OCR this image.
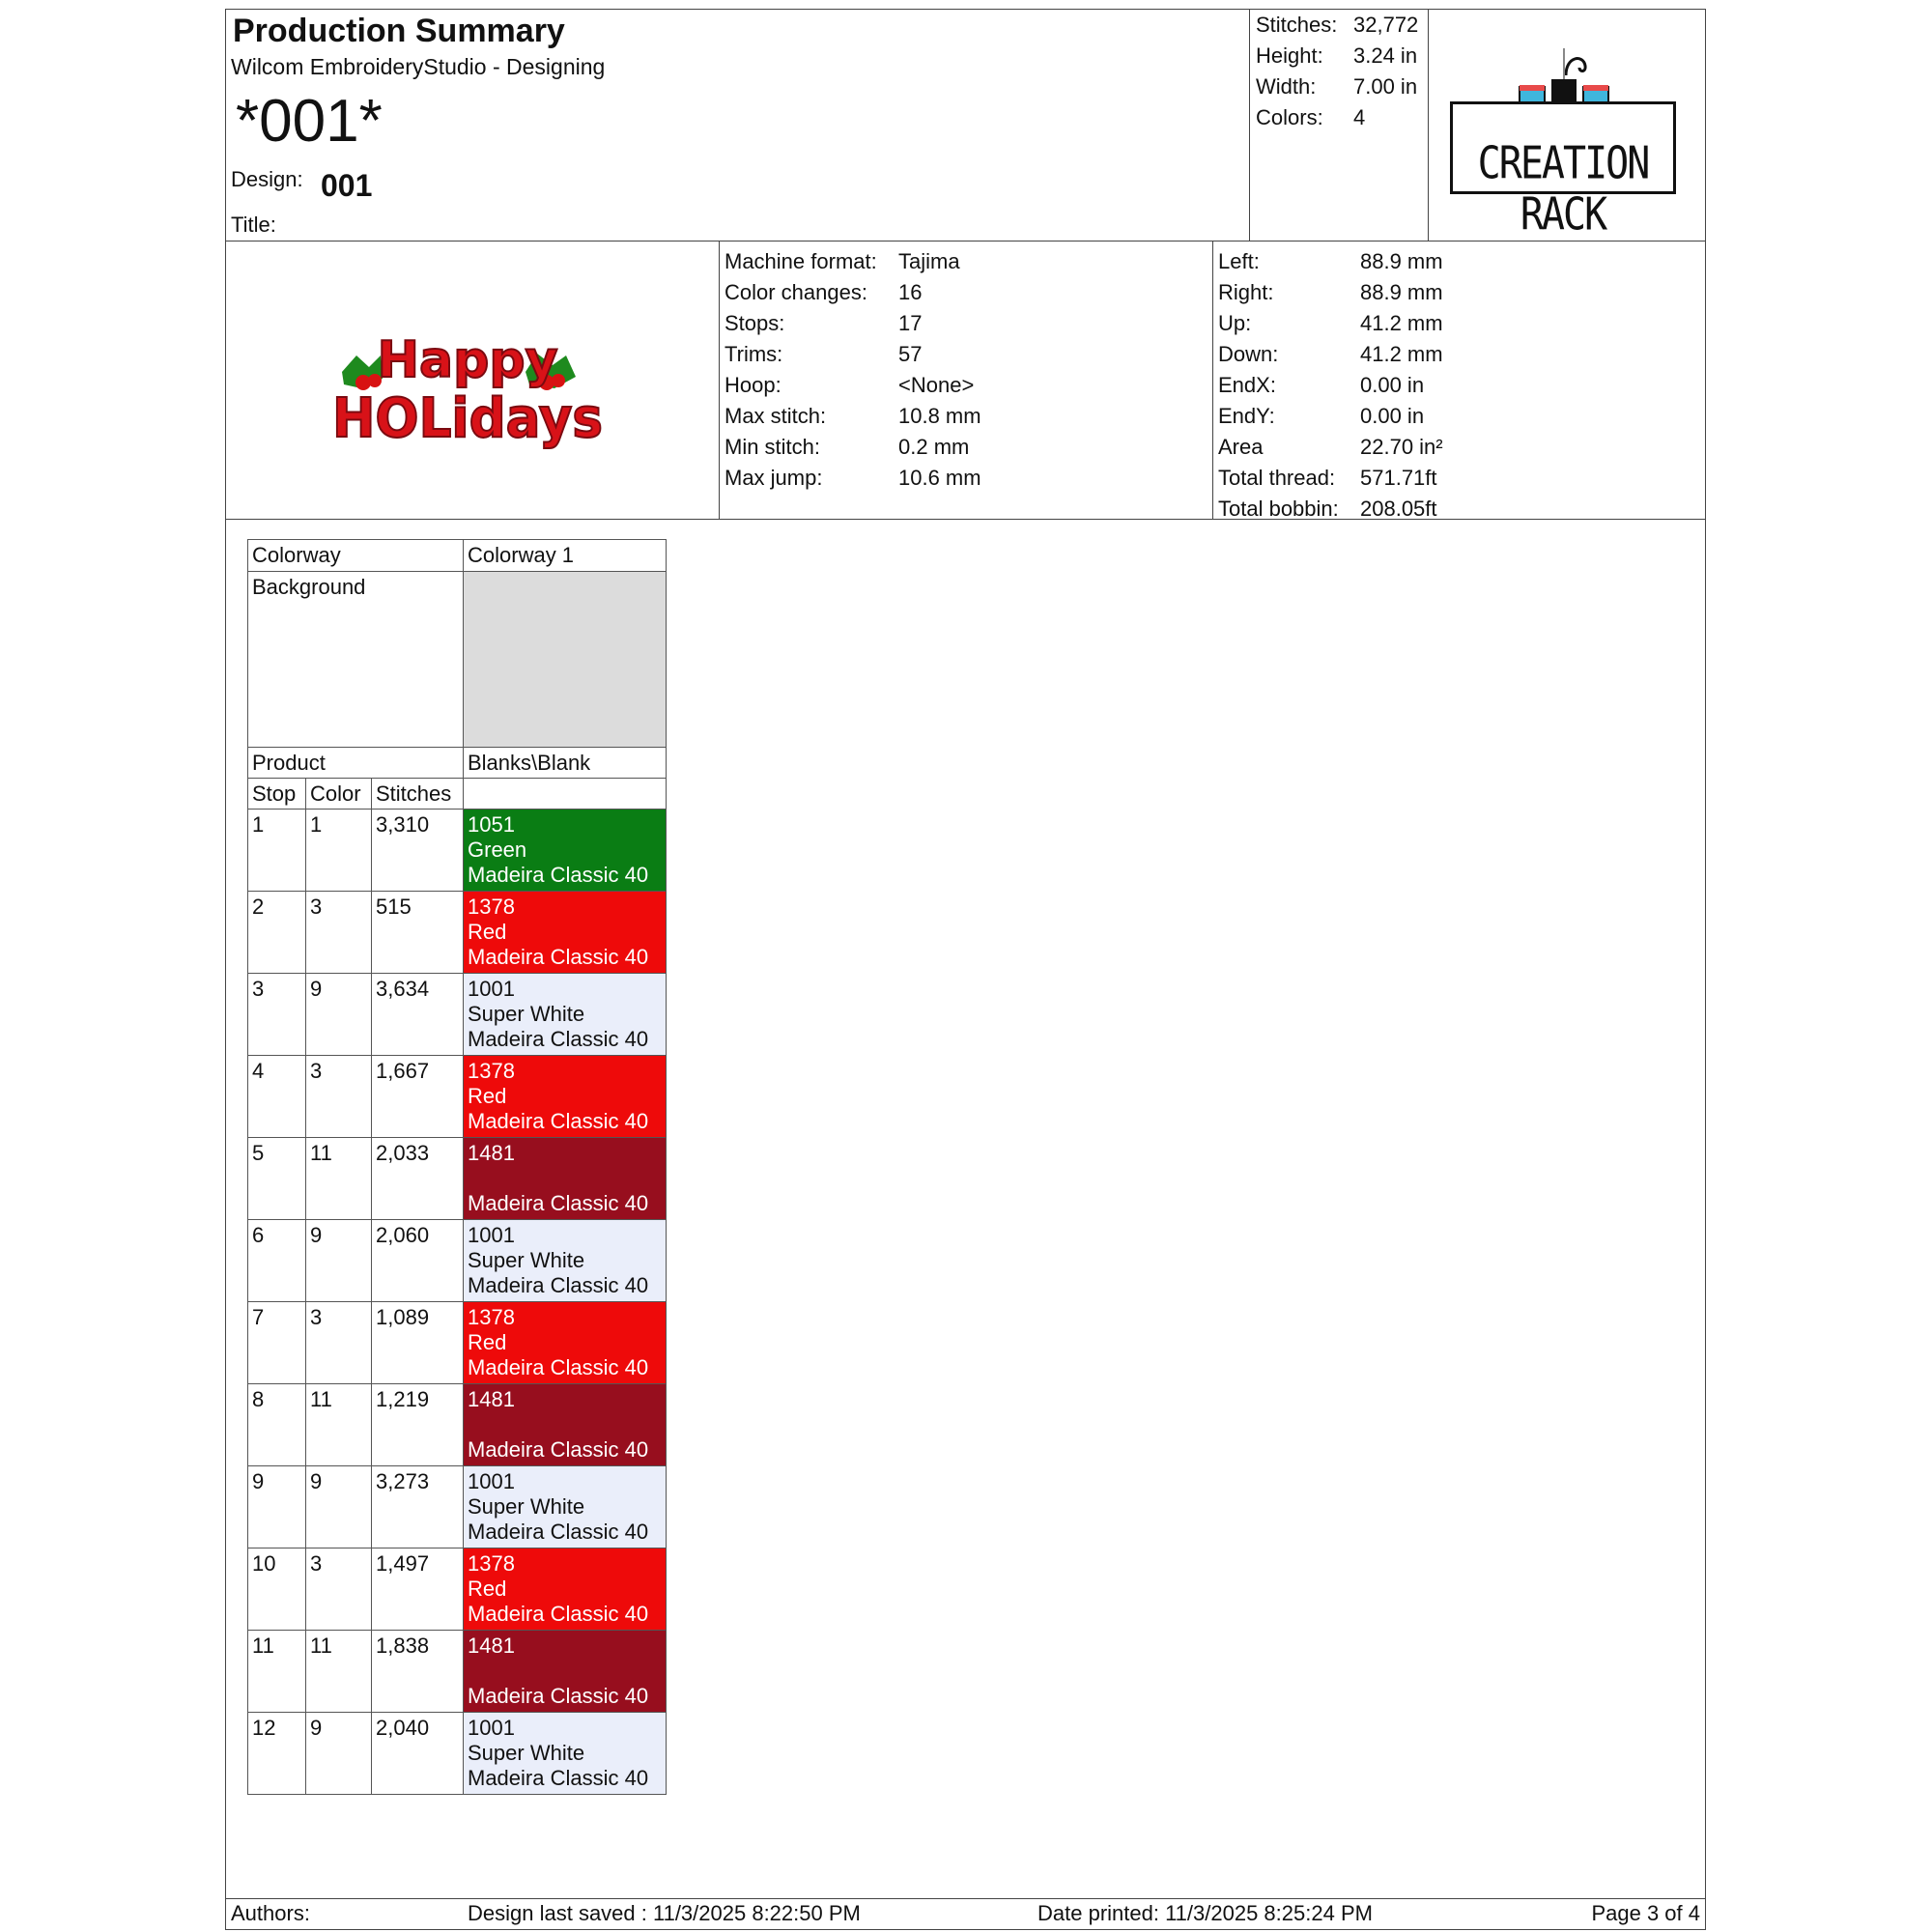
Production Summary
Wilcom EmbroideryStudio - Designing
*001*
Design: 001
Title:
Stitches: 32,772
Height: 3.24 in
Width: 7.00 in
Colors: 4
CREATION RACK
Happy
HOLidays
Machine format: Tajima
Color changes: 16
Stops:	17
Trims:	57
Hoop:	<None>
Max stitch:	10.8 mm
Min stitch:	0.2 mm
Max jump:	10.6 mm
Left:	88.9 mm
Right:	88.9 mm
Up:	41.2 mm
Down:	41.2 mm
EndX:	0.00 in
EndY:	0.00 in
Area	22.70 in²
Total thread: 571.71ft
Total bobbin: 208.05ft
Colorway			Colorway 1
Background			
Product			Blanks\Blank
Stop	Color	Stitches	
1	1	3,310	1051
Green
Madeira Classic 40

2	3	515	1378
Red
Madeira Classic 40

3	9	3,634	1001
Super White
Madeira Classic 40

4	3	1,667	1378
Red
Madeira Classic 40

5	11	2,033	1481
Madeira Classic 40

6	9	2,060	1001
Super White
Madeira Classic 40

7	3	1,089	1378
Red
Madeira Classic 40

8	11	1,219	1481
Madeira Classic 40

9	9	3,273	1001
Super White
Madeira Classic 40

10	3	1,497	1378
Red
Madeira Classic 40

11	11	1,838	1481
Madeira Classic 40

12	9	2,040	1001
Super White
Madeira Classic 40
Authors:	Design last saved : 11/3/2025 8:22:50 PM	Date printed: 11/3/2025 8:25:24 PM	Page 3 of 4
